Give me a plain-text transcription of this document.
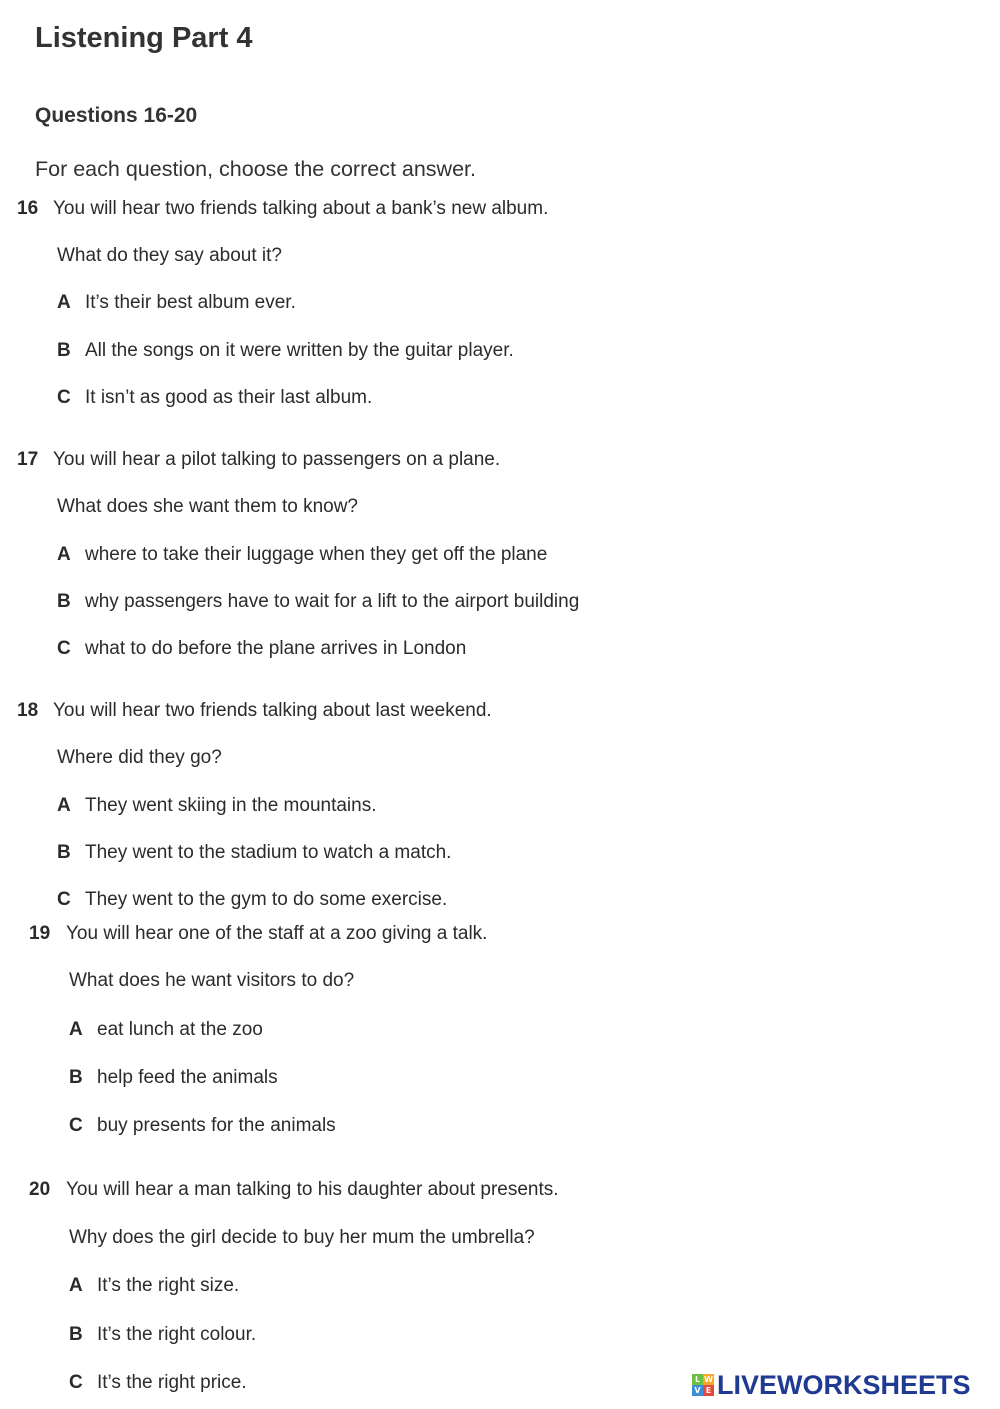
Listening Part 4
Questions 16-20
For each question, choose the correct answer.
16 You will hear two friends talking about a bank’s new album.
What do they say about it?
A It’s their best album ever.
B All the songs on it were written by the guitar player.
C It isn’t as good as their last album.
17 You will hear a pilot talking to passengers on a plane.
What does she want them to know?
A where to take their luggage when they get off the plane
B why passengers have to wait for a lift to the airport building
C what to do before the plane arrives in London
18 You will hear two friends talking about last weekend.
Where did they go?
A They went skiing in the mountains.
B They went to the stadium to watch a match.
C They went to the gym to do some exercise.
19 You will hear one of the staff at a zoo giving a talk.
What does he want visitors to do?
A eat lunch at the zoo
B help feed the animals
C buy presents for the animals
20 You will hear a man talking to his daughter about presents.
Why does the girl decide to buy her mum the umbrella?
A It’s the right size.
B It’s the right colour.
C It’s the right price.	L W
V E LIVEWORKSHEETS
